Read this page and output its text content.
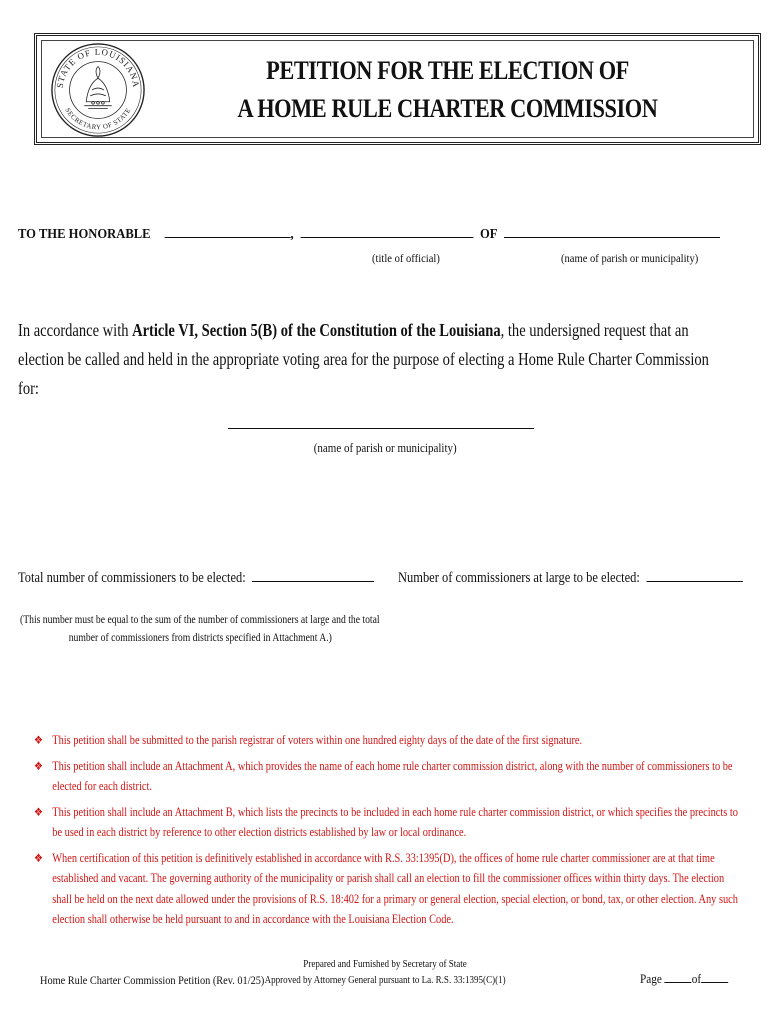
STATE OF LOUISIANA
SECRETARY OF STATE
PETITION FOR THE ELECTION OF
A HOME RULE CHARTER COMMISSION
TO THE HONORABLE	,	OF
(title of official)	(name of parish or municipality)
In accordance with Article VI, Section 5(B) of the Constitution of the Louisiana, the undersigned request that an election be called and held in the appropriate voting area for the purpose of electing a Home Rule Charter Commission for:
(name of parish or municipality)
Total number of commissioners to be elected:	Number of commissioners at large to be elected:
(This number must be equal to the sum of the number of commissioners at large and the total
number of commissioners from districts specified in Attachment A.)
❖ This petition shall be submitted to the parish registrar of voters within one hundred eighty days of the date of the first signature.
❖ This petition shall include an Attachment A, which provides the name of each home rule charter commission district, along with the number of commissioners to be elected for each district.
❖ This petition shall include an Attachment B, which lists the precincts to be included in each home rule charter commission district, or which specifies the precincts to be used in each district by reference to other election districts established by law or local ordinance.
❖ When certification of this petition is definitively established in accordance with R.S. 33:1395(D), the offices of home rule charter commissioner are at that time established and vacant. The governing authority of the municipality or parish shall call an election to fill the commissioner offices within thirty days. The election shall be held on the next date allowed under the provisions of R.S. 18:402 for a primary or general election, special election, or bond, tax, or other election. Any such election shall otherwise be held pursuant to and in accordance with the Louisiana Election Code.
Home Rule Charter Commission Petition (Rev. 01/25)
Prepared and Furnished by Secretary of State
Approved by Attorney General pursuant to La. R.S. 33:1395(C)(1)	Page of
